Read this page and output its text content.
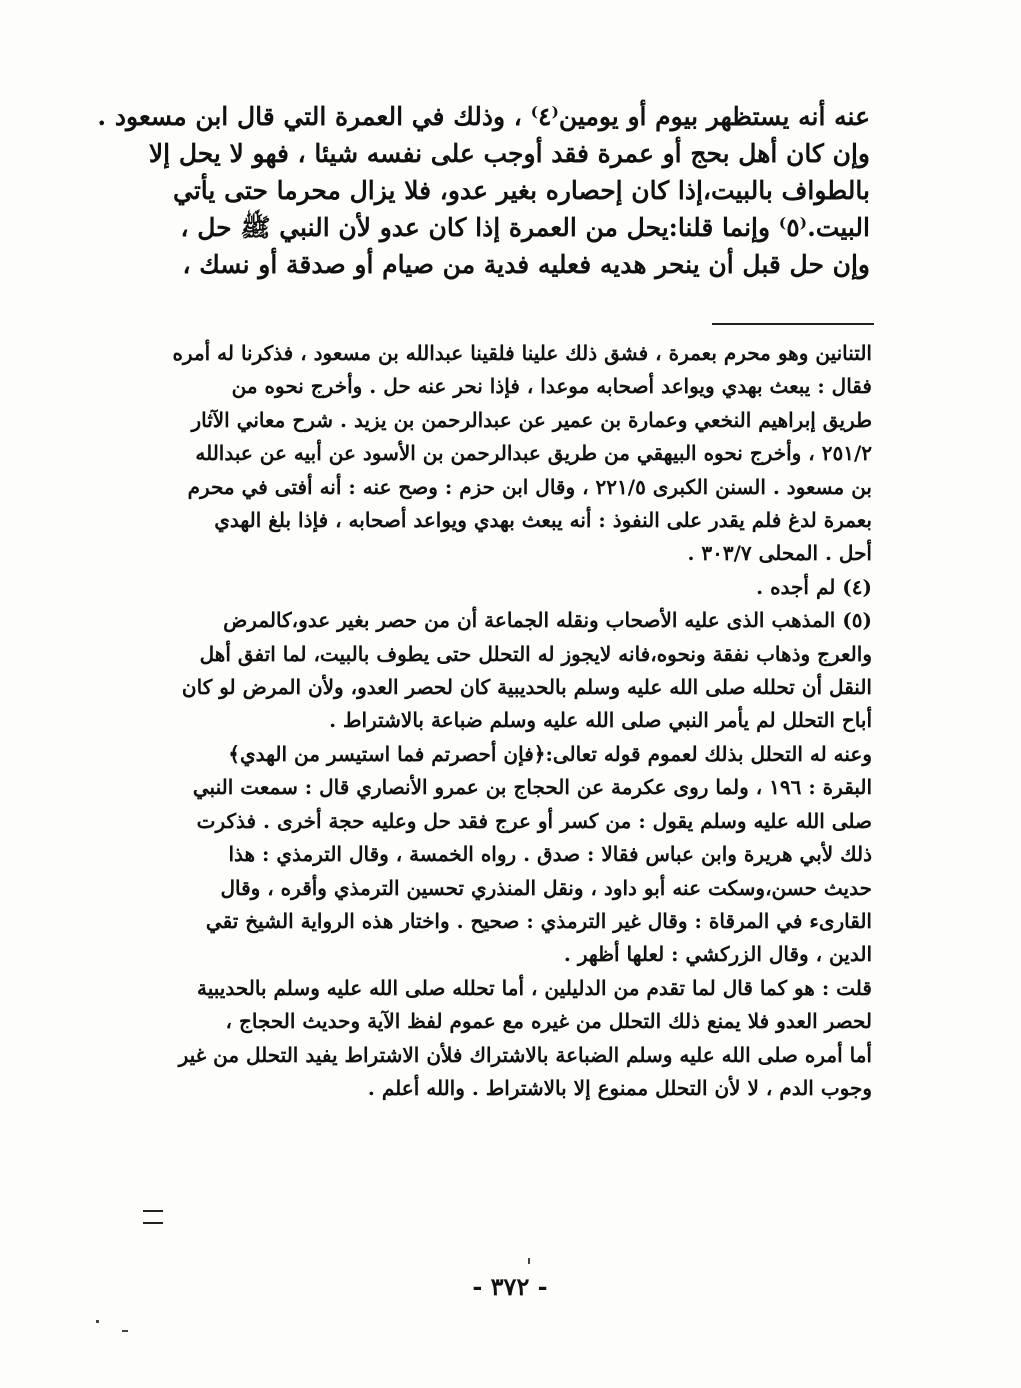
عنه أنه يستظهر بيوم أو يومين⁽٤⁾ ، وذلك في العمرة التي قال ابن مسعود .

وإن كان أهل بحج أو عمرة فقد أوجب على نفسه شيئا ، فهو لا يحل إلا

بالطواف بالبيت،إذا كان إحصاره بغير عدو، فلا يزال محرما حتى يأتي

البيت.⁽٥⁾ وإنما قلنا:يحل من العمرة إذا كان عدو لأن النبي ﷺ حل ،

وإن حل قبل أن ينحر هديه فعليه فدية من صيام أو صدقة أو نسك ،

التنانين وهو محرم بعمرة ، فشق ذلك علينا فلقينا عبدالله بن مسعود ، فذكرنا له أمره

فقال : يبعث بهدي ويواعد أصحابه موعدا ، فإذا نحر عنه حل . وأخرج نحوه من

طريق إبراهيم النخعي وعمارة بن عمير عن عبدالرحمن بن يزيد . شرح معاني الآثار

٢٥١/٢ ، وأخرج نحوه البيهقي من طريق عبدالرحمن بن الأسود عن أبيه عن عبدالله

بن مسعود . السنن الكبرى ٢٢١/٥ ، وقال ابن حزم : وصح عنه : أنه أفتى في محرم

بعمرة لدغ فلم يقدر على النفوذ : أنه يبعث بهدي ويواعد أصحابه ، فإذا بلغ الهدي

أحل . المحلى ٣٠٣/٧ .

(٤) لم أجده .

(٥) المذهب الذى عليه الأصحاب ونقله الجماعة أن من حصر بغير عدو،كالمرض

والعرج وذهاب نفقة ونحوه،فانه لايجوز له التحلل حتى يطوف بالبيت، لما اتفق أهل

النقل أن تحلله صلى الله عليه وسلم بالحديبية كان لحصر العدو، ولأن المرض لو كان

أباح التحلل لم يأمر النبي صلى الله عليه وسلم ضباعة بالاشتراط .

وعنه له التحلل بذلك لعموم قوله تعالى:﴿فإن أحصرتم فما استيسر من الهدي﴾

البقرة : ١٩٦ ، ولما روى عكرمة عن الحجاج بن عمرو الأنصاري قال : سمعت النبي

صلى الله عليه وسلم يقول : من كسر أو عرج فقد حل وعليه حجة أخرى . فذكرت

ذلك لأبي هريرة وابن عباس فقالا : صدق . رواه الخمسة ، وقال الترمذي : هذا

حديث حسن،وسكت عنه أبو داود ، ونقل المنذري تحسين الترمذي وأقره ، وقال

القارىء في المرقاة : وقال غير الترمذي : صحيح . واختار هذه الرواية الشيخ تقي

الدين ، وقال الزركشي : لعلها أظهر .

قلت : هو كما قال لما تقدم من الدليلين ، أما تحلله صلى الله عليه وسلم بالحديبية

لحصر العدو فلا يمنع ذلك التحلل من غيره مع عموم لفظ الآية وحديث الحجاج ،

أما أمره صلى الله عليه وسلم الضباعة بالاشتراك فلأن الاشتراط يفيد التحلل من غير

وجوب الدم ، لا لأن التحلل ممنوع إلا بالاشتراط . والله أعلم .

- ٣٧٢ -
